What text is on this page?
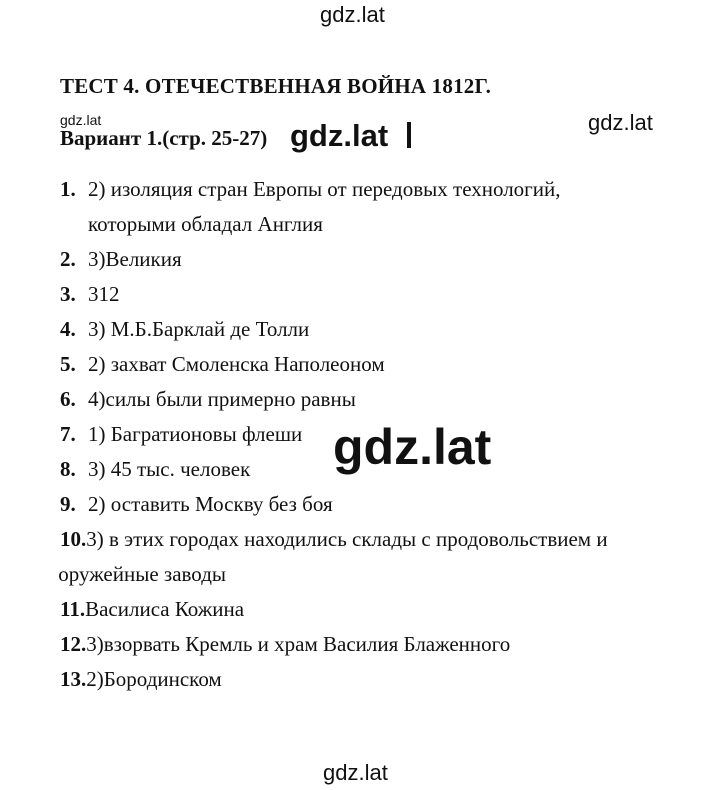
gdz.lat
gdz.lat	gdz.lat
gdz.lat
ТЕСТ 4. ОТЕЧЕСТВЕННАЯ ВОЙНА 1812Г.
Вариант 1.(стр. 25-27)
1. 2) изоляция стран Европы от передовых технологий,
которыми обладал Англия
2. 3)Великия
3. 312
4. 3) М.Б.Барклай де Толли
5. 2) захват Смоленска Наполеоном
6. 4)силы были примерно равны
7. 1) Багратионовы флеши
8. 3) 45 тыс. человек
9. 2) оставить Москву без боя
10. 3) в этих городах находились склады с продовольствием и
оружейные заводы
11. Василиса Кожина
12. 3)взорвать Кремль и храм Василия Блаженного
13. 2)Бородинском
gdz.lat
gdz.lat
